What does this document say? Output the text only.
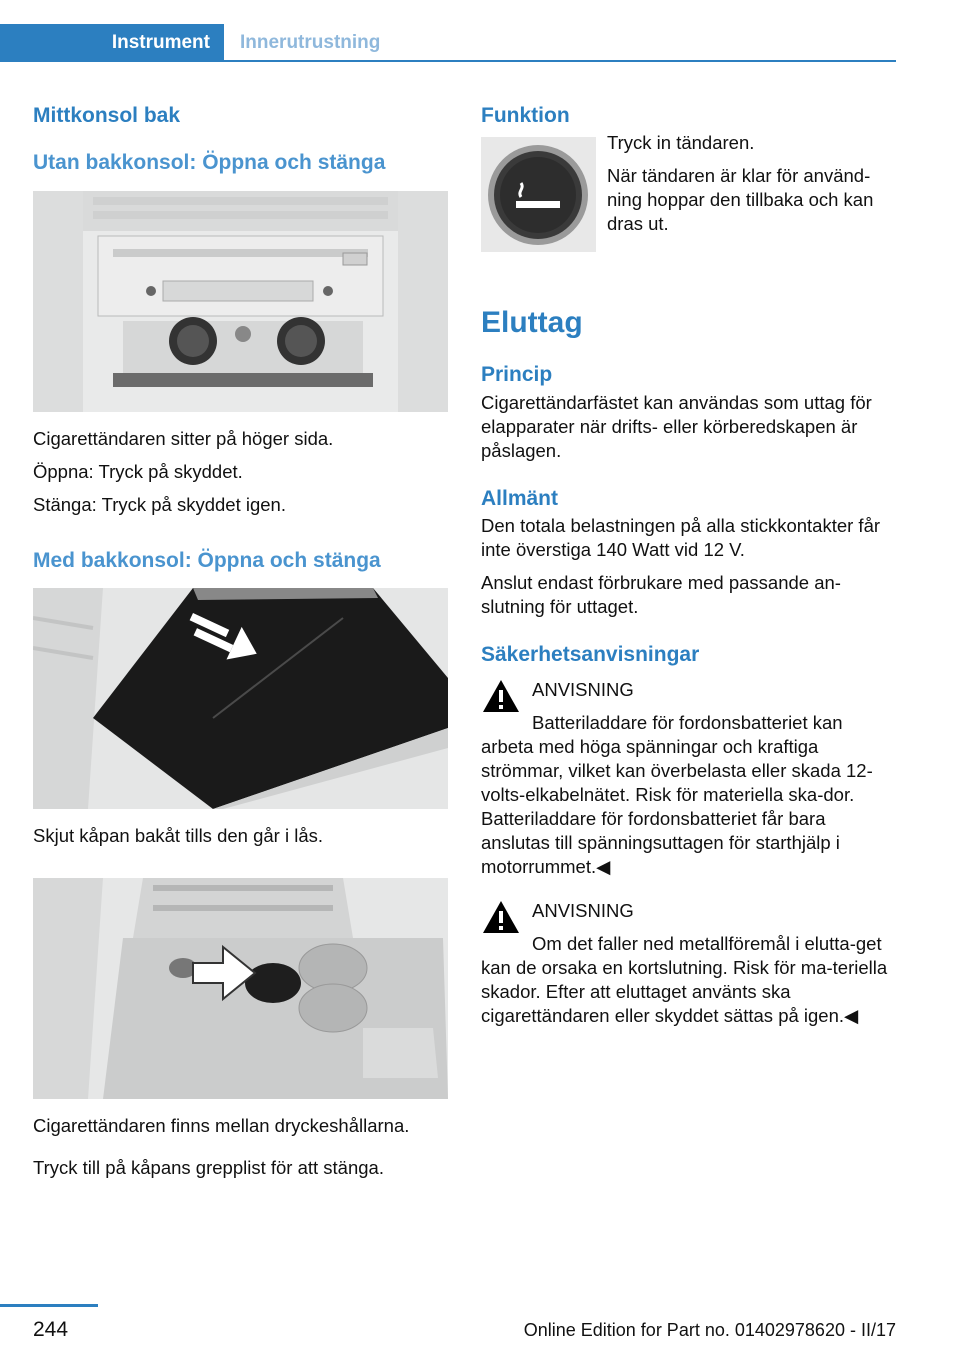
Instrument	Innerutrustning
Mittkonsol bak
Utan bakkonsol: Öppna och stänga

Cigarettändaren sitter på höger sida.

Öppna: Tryck på skyddet.

Stänga: Tryck på skyddet igen.

Med bakkonsol: Öppna och stänga

Skjut kåpan bakåt tills den går i lås.

Cigarettändaren finns mellan dryckeshållarna.

Tryck till på kåpans grepplist för att stänga.

Funktion

Tryck in tändaren.

När tändaren är klar för använd-ning hoppar den tillbaka och kan dras ut.

Eluttag
Princip

Cigarettändarfästet kan användas som uttag för elapparater när drifts- eller körberedskapen är påslagen.

Allmänt

Den totala belastningen på alla stickkontakter får inte överstiga 140 Watt vid 12 V.

Anslut endast förbrukare med passande an-slutning för uttaget.

Säkerhetsanvisningar

ANVISNING

Batteriladdare för fordonsbatteriet kan arbeta med höga spänningar och kraftiga strömmar, vilket kan överbelasta eller skada 12-volts-elkabelnätet. Risk för materiella ska-dor. Batteriladdare för fordonsbatteriet får bara anslutas till spänningsuttagen för starthjälp i motorrummet.◀

ANVISNING

Om det faller ned metallföremål i elutta-get kan de orsaka en kortslutning. Risk för ma-teriella skador. Efter att eluttaget använts ska cigarettändaren eller skyddet sättas på igen.◀

244	Online Edition for Part no. 01402978620 - II/17
